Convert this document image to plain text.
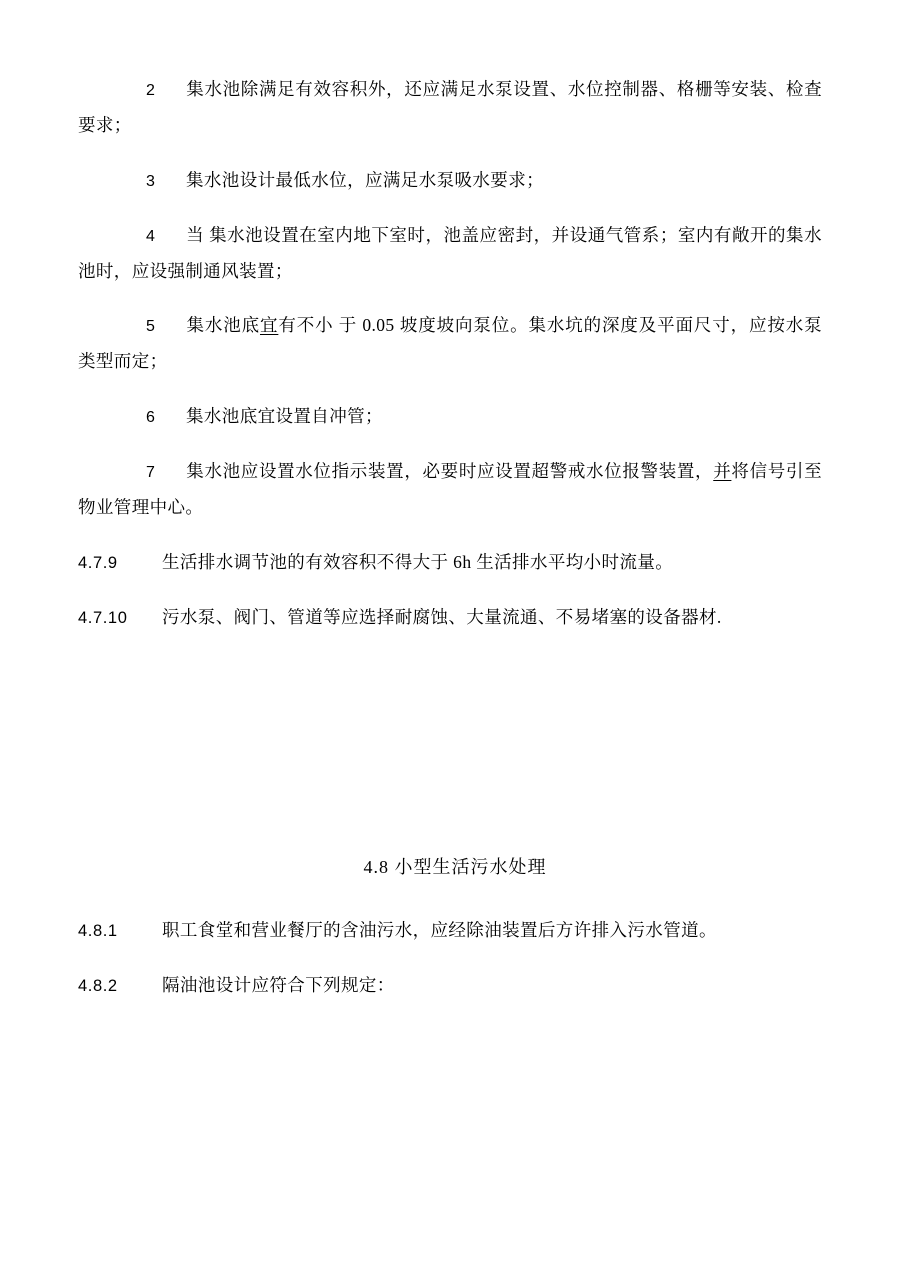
2 集水池除满足有效容积外，还应满足水泵设置、水位控制器、格栅等安装、检查要求；
3 集水池设计最低水位，应满足水泵吸水要求；
4 当 集水池设置在室内地下室时，池盖应密封，并设通气管系；室内有敞开的集水池时，应设强制通风装置；
5 集水池底宜有不小 于 0.05 坡度坡向泵位。集水坑的深度及平面尺寸，应按水泵类型而定；
6 集水池底宜设置自冲管；
7 集水池应设置水位指示装置，必要时应设置超警戒水位报警装置，并将信号引至物业管理中心。
4.7.9	生活排水调节池的有效容积不得大于 6h 生活排水平均小时流量。
4.7.10 污水泵、阀门、管道等应选择耐腐蚀、大量流通、不易堵塞的设备器材.
4.8 小型生活污水处理
4.8.1	职工食堂和营业餐厅的含油污水，应经除油装置后方许排入污水管道。
4.8.2	隔油池设计应符合下列规定：
